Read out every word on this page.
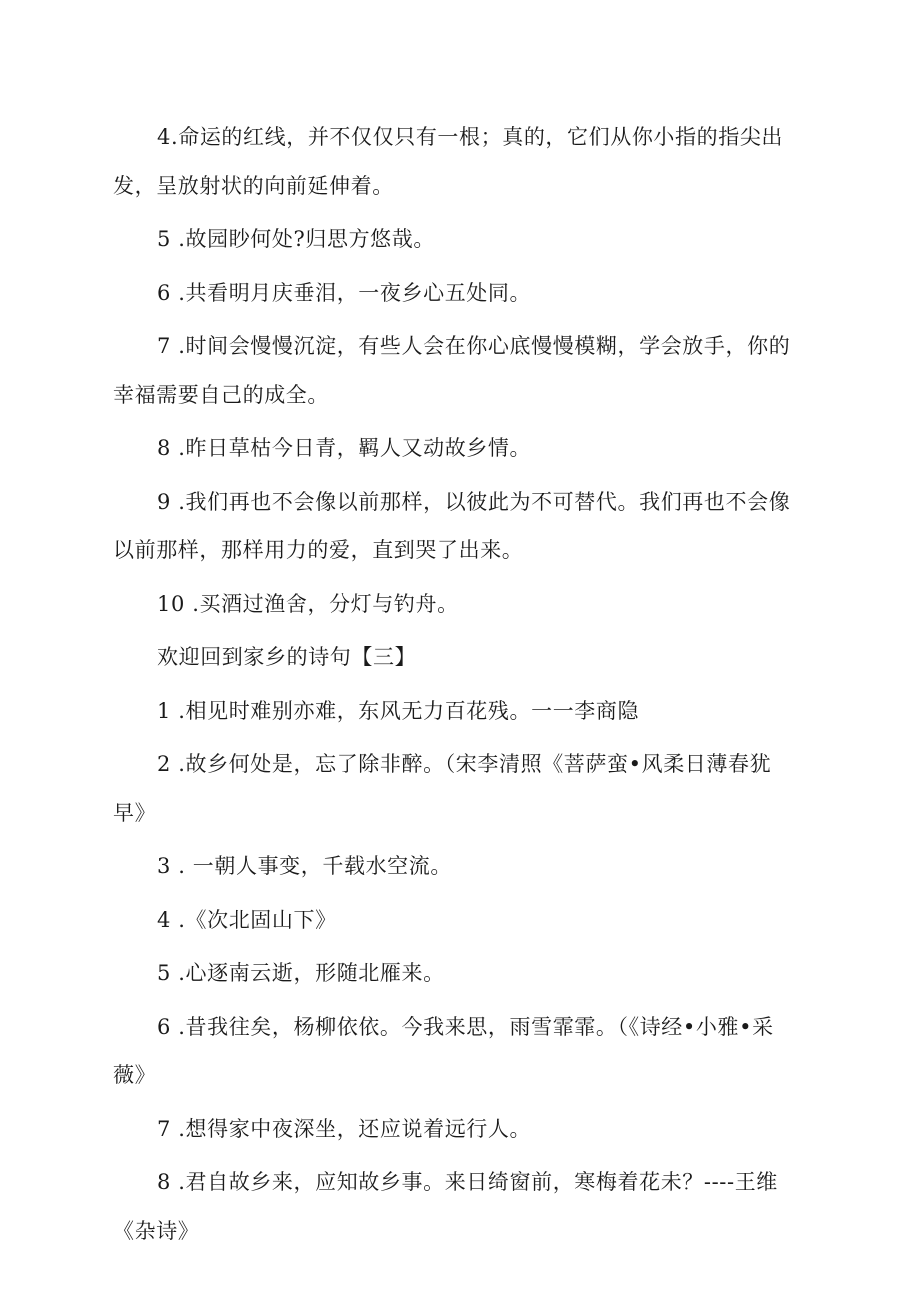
4.命运的红线，并不仅仅只有一根；真的，它们从你小指的指尖出发，呈放射状的向前延伸着。

5 .故园眇何处?归思方悠哉。

6 .共看明月庆垂泪，一夜乡心五处同。

7 .时间会慢慢沉淀，有些人会在你心底慢慢模糊，学会放手，你的幸福需要自己的成全。

8 .昨日草枯今日青，羁人又动故乡情。

9 .我们再也不会像以前那样，以彼此为不可替代。我们再也不会像以前那样，那样用力的爱，直到哭了出来。

10 .买酒过渔舍，分灯与钓舟。

欢迎回到家乡的诗句【三】

1 .相见时难别亦难，东风无力百花残。一一李商隐

2 .故乡何处是，忘了除非醉。（宋李清照《菩萨蛮•风柔日薄春犹早》

3 . 一朝人事变，千载水空流。

4 .《次北固山下》

5 .心逐南云逝，形随北雁来。

6 .昔我往矣，杨柳依依。今我来思，雨雪霏霏。（《诗经•小雅•采薇》

7 .想得家中夜深坐，还应说着远行人。

8 .君自故乡来，应知故乡事。来日绮窗前，寒梅着花未？----王维《杂诗》
